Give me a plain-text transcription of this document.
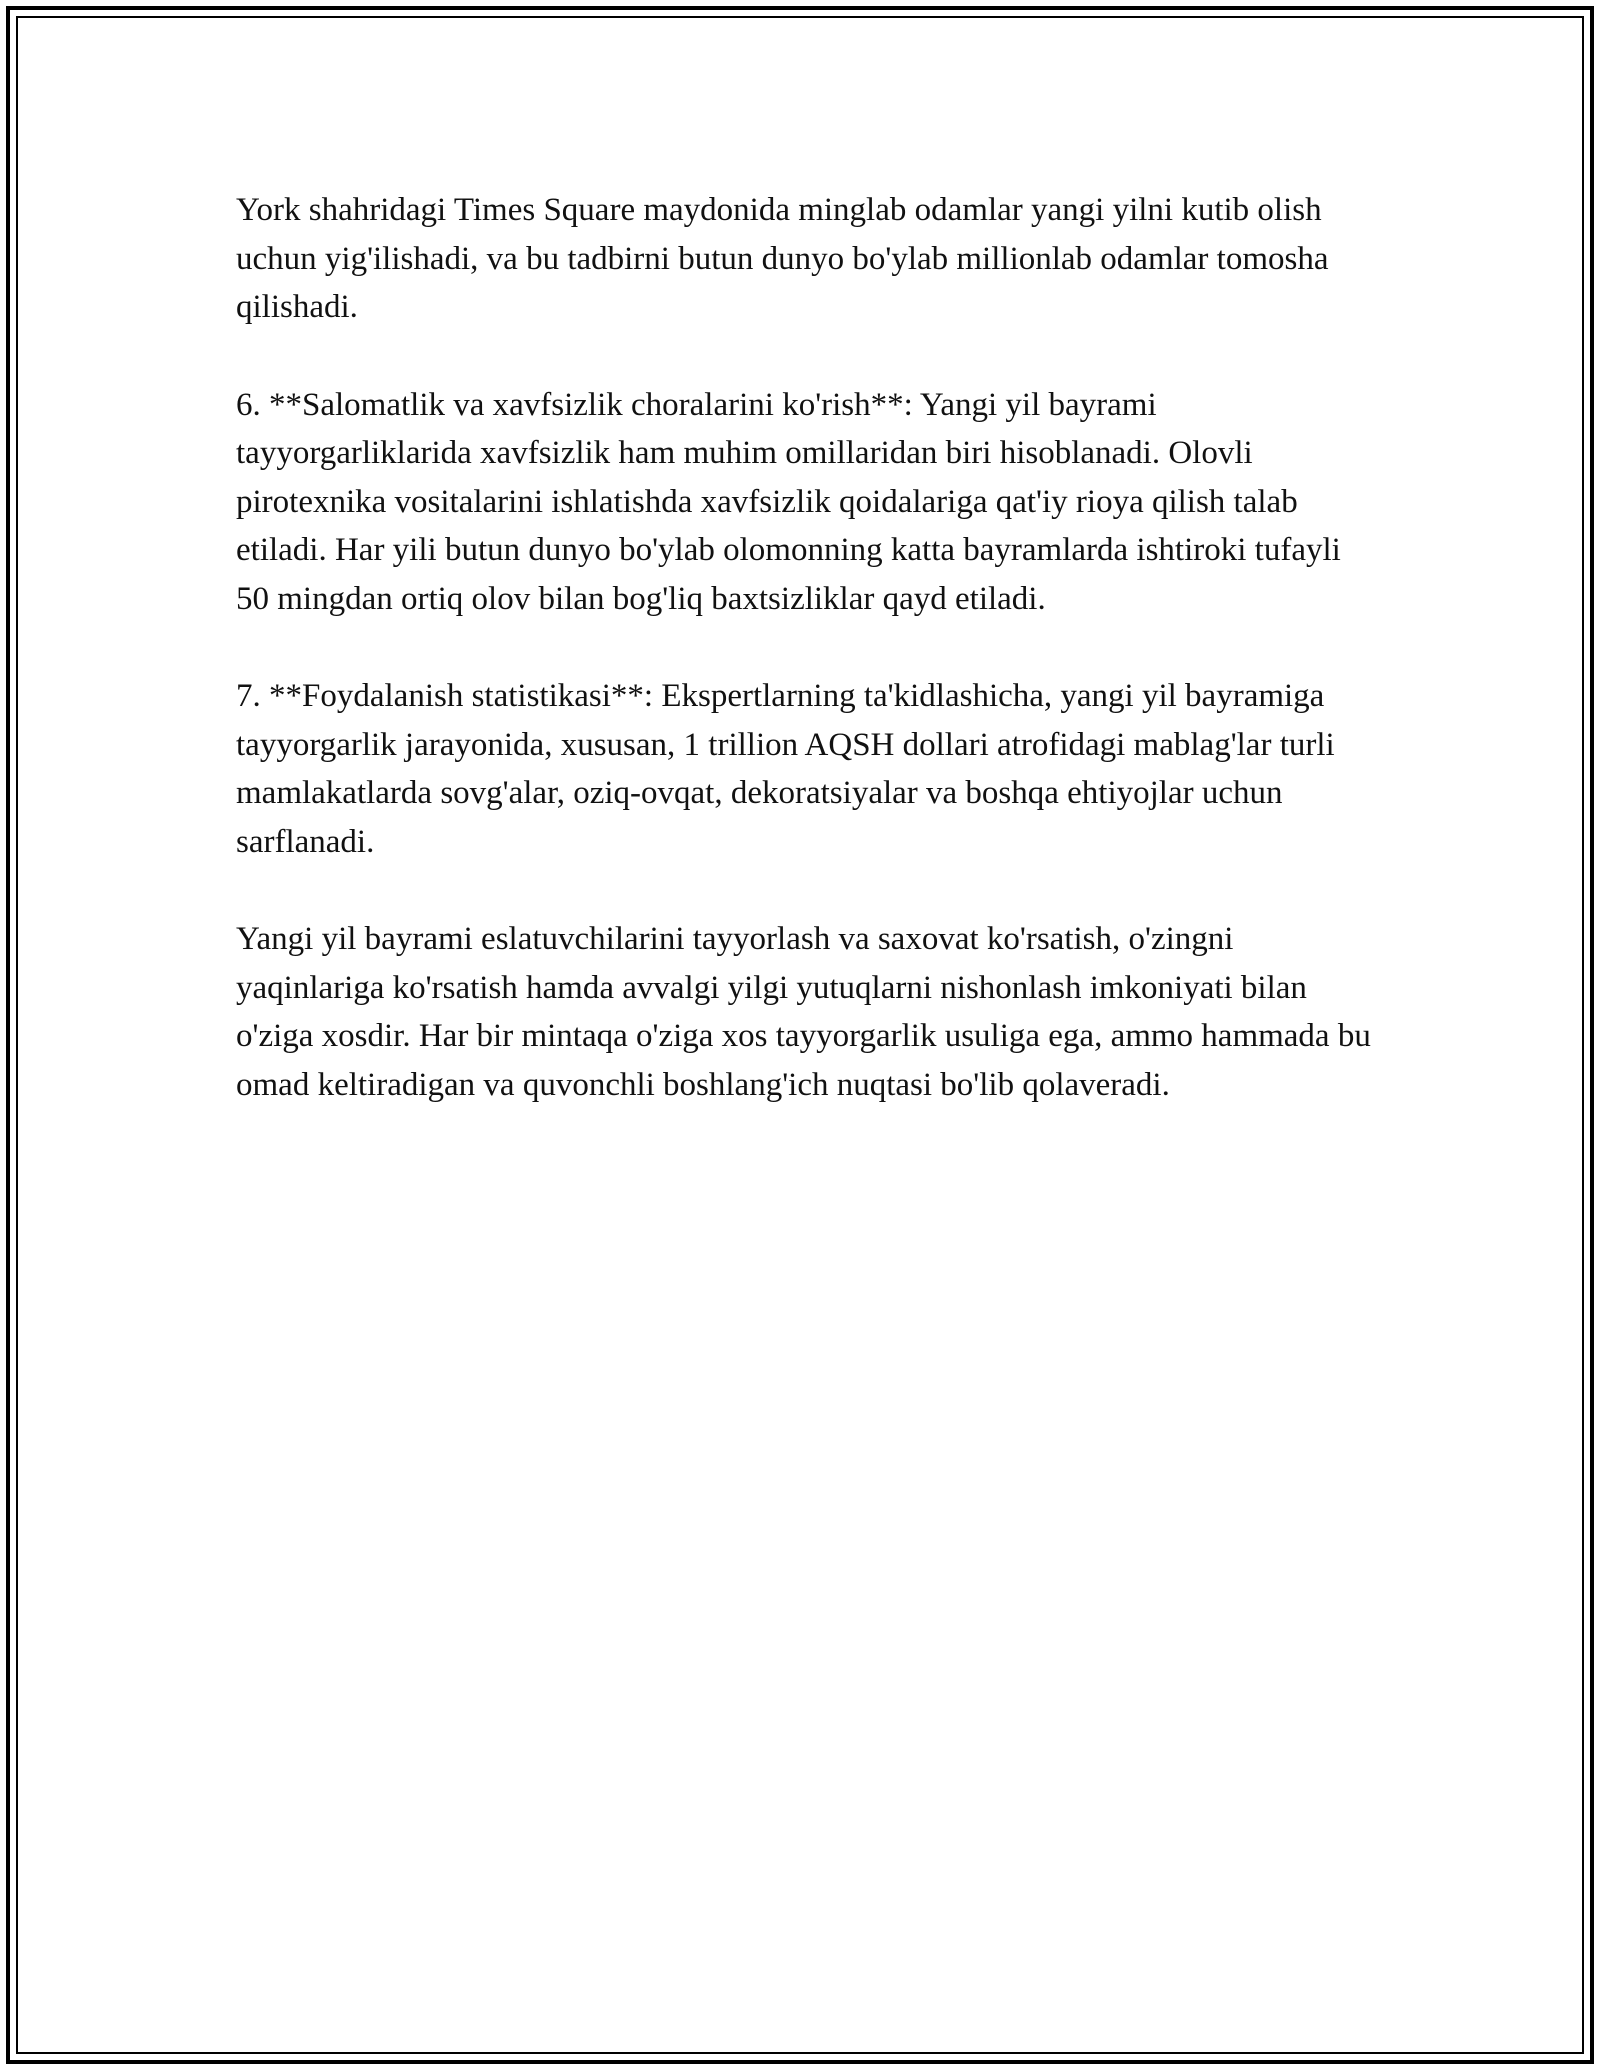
York shahridagi Times Square maydonida minglab odamlar yangi yilni kutib olish uchun yig'ilishadi, va bu tadbirni butun dunyo bo'ylab millionlab odamlar tomosha qilishadi.

6. **Salomatlik va xavfsizlik choralarini ko'rish**: Yangi yil bayrami tayyorgarliklarida xavfsizlik ham muhim omillaridan biri hisoblanadi. Olovli pirotexnika vositalarini ishlatishda xavfsizlik qoidalariga qat'iy rioya qilish talab etiladi. Har yili butun dunyo bo'ylab olomonning katta bayramlarda ishtiroki tufayli 50 mingdan ortiq olov bilan bog'liq baxtsizliklar qayd etiladi.

7. **Foydalanish statistikasi**: Ekspertlarning ta'kidlashicha, yangi yil bayramiga tayyorgarlik jarayonida, xususan, 1 trillion AQSH dollari atrofidagi mablag'lar turli mamlakatlarda sovg'alar, oziq-ovqat, dekoratsiyalar va boshqa ehtiyojlar uchun sarflanadi.

Yangi yil bayrami eslatuvchilarini tayyorlash va saxovat ko'rsatish, o'zingni yaqinlariga ko'rsatish hamda avvalgi yilgi yutuqlarni nishonlash imkoniyati bilan o'ziga xosdir. Har bir mintaqa o'ziga xos tayyorgarlik usuliga ega, ammo hammada bu omad keltiradigan va quvonchli boshlang'ich nuqtasi bo'lib qolaveradi.
